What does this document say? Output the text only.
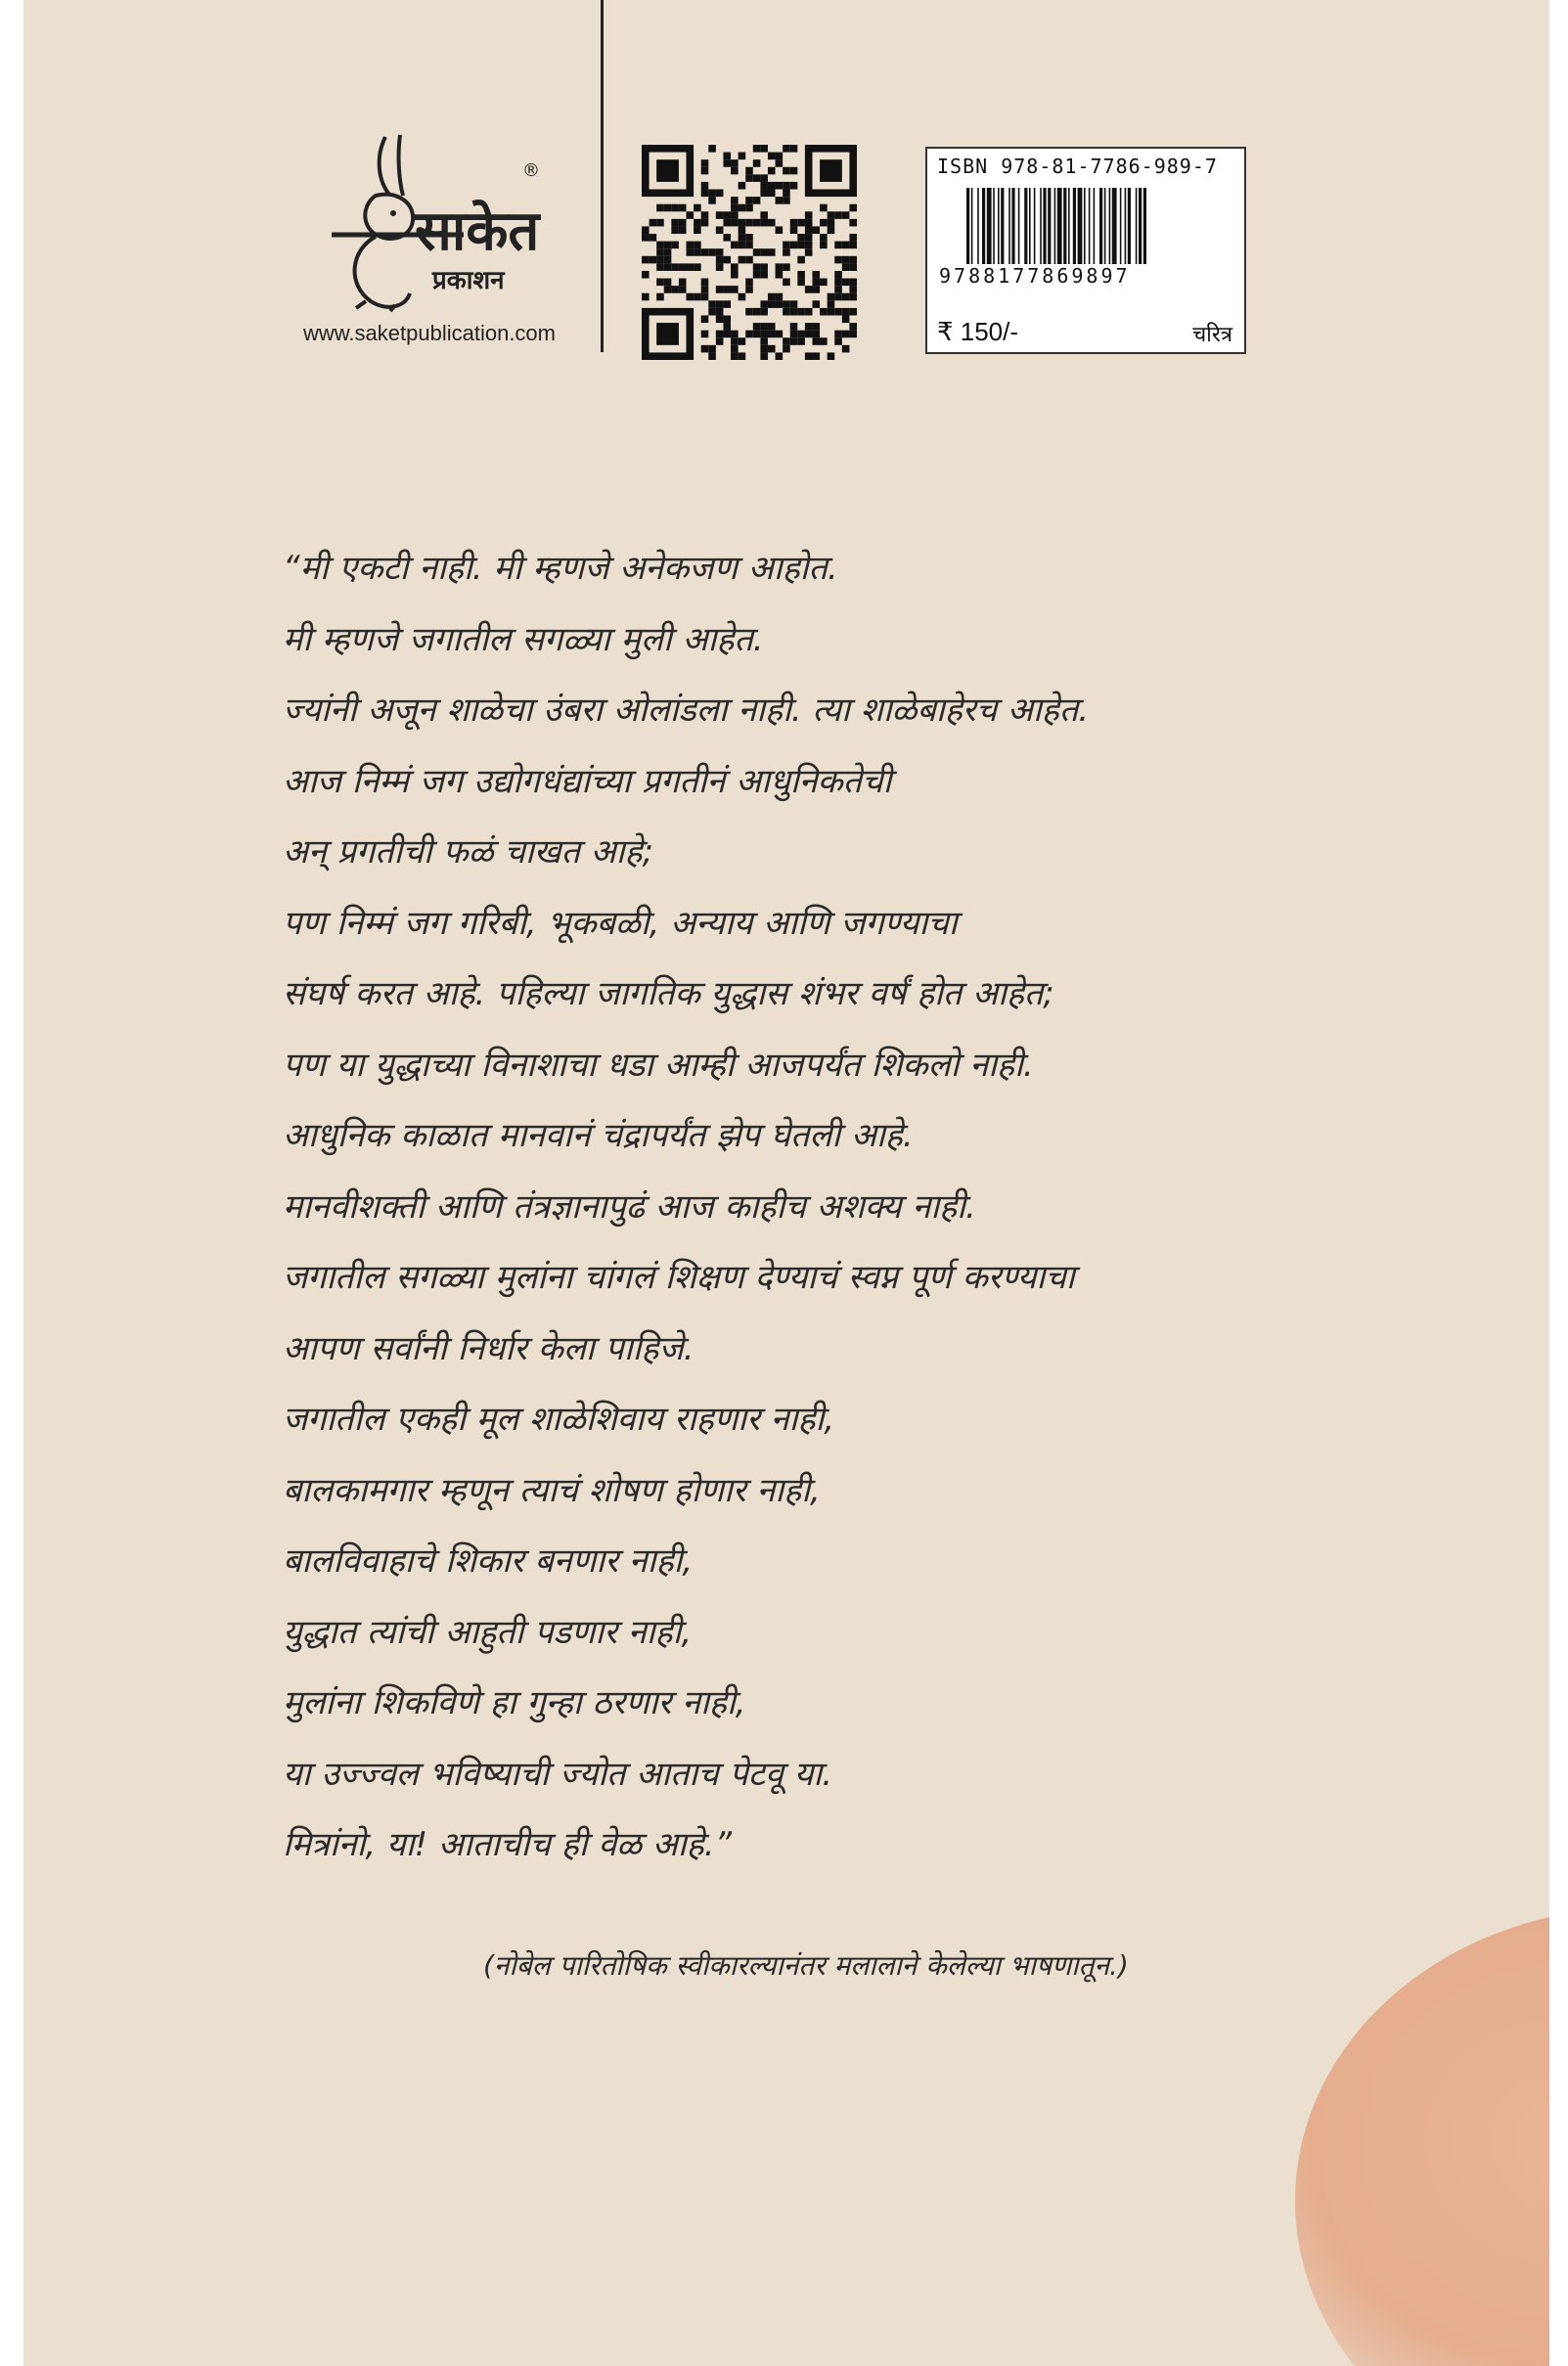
साकेत
प्रकाशन
®
www.saketpublication.com
ISBN 978-81-7786-989-7
9788177869897
₹ 150/-	चरित्र
“मी एकटी नाही. मी म्हणजे अनेकजण आहोत.
मी म्हणजे जगातील सगळ्या मुली आहेत.
ज्यांनी अजून शाळेचा उंबरा ओलांडला नाही. त्या शाळेबाहेरच आहेत.
आज निम्मं जग उद्योगधंद्यांच्या प्रगतीनं आधुनिकतेची
अन् प्रगतीची फळं चाखत आहे;
पण निम्मं जग गरिबी, भूकबळी, अन्याय आणि जगण्याचा
संघर्ष करत आहे. पहिल्या जागतिक युद्धास शंभर वर्षं होत आहेत;
पण या युद्धाच्या विनाशाचा धडा आम्ही आजपर्यंत शिकलो नाही.
आधुनिक काळात मानवानं चंद्रापर्यंत झेप घेतली आहे.
मानवीशक्ती आणि तंत्रज्ञानापुढं आज काहीच अशक्य नाही.
जगातील सगळ्या मुलांना चांगलं शिक्षण देण्याचं स्वप्न पूर्ण करण्याचा
आपण सर्वांनी निर्धार केला पाहिजे.
जगातील एकही मूल शाळेशिवाय राहणार नाही,
बालकामगार म्हणून त्याचं शोषण होणार नाही,
बालविवाहाचे शिकार बनणार नाही,
युद्धात त्यांची आहुती पडणार नाही,
मुलांना शिकविणे हा गुन्हा ठरणार नाही,
या उज्ज्वल भविष्याची ज्योत आताच पेटवू या.
मित्रांनो, या! आताचीच ही वेळ आहे.”
(नोबेल पारितोषिक स्वीकारल्यानंतर मलालाने केलेल्या भाषणातून.)
